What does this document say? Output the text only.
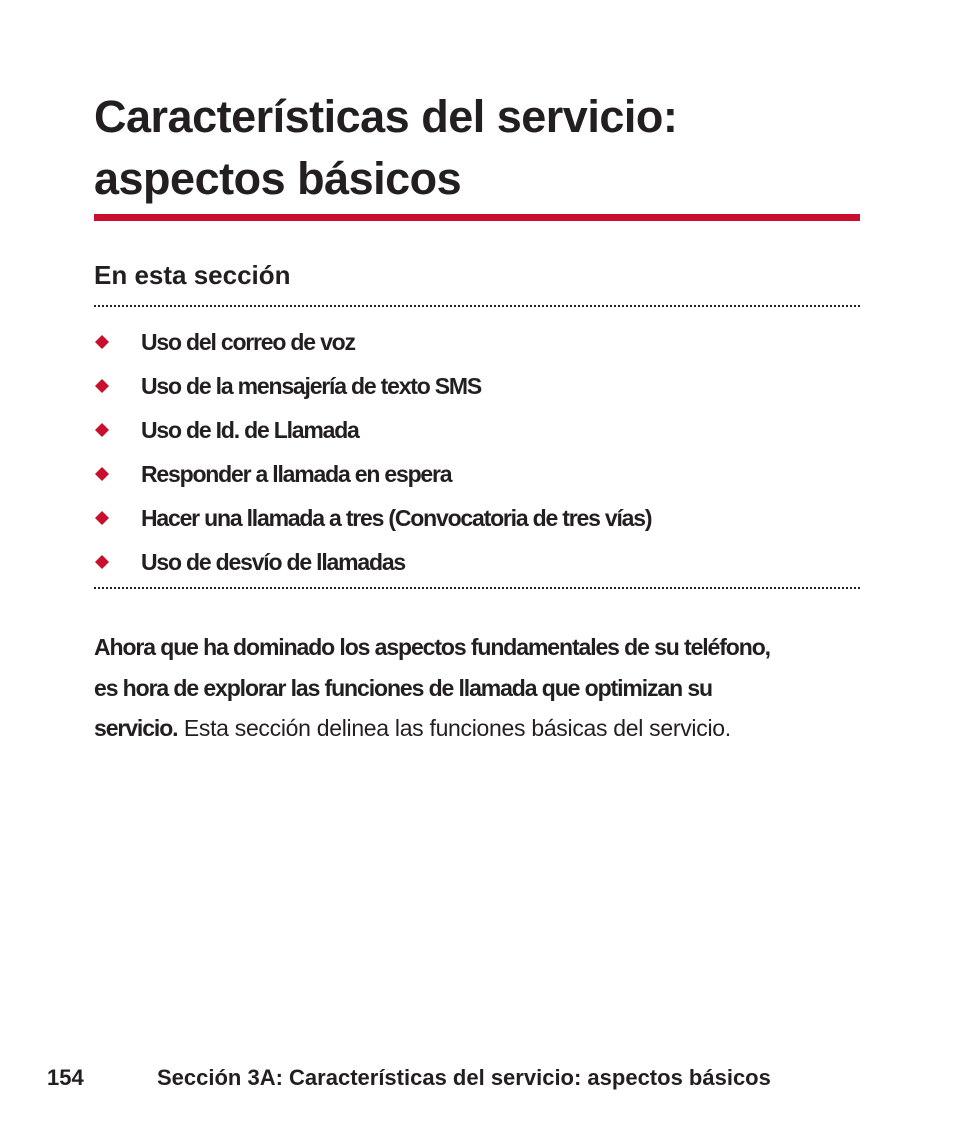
Características del servicio: aspectos básicos
En esta sección
Uso del correo de voz
Uso de la mensajería de texto SMS
Uso de Id. de Llamada
Responder a llamada en espera
Hacer una llamada a tres (Convocatoria de tres vías)
Uso de desvío de llamadas

Ahora que ha dominado los aspectos fundamentales de su teléfono, es hora de explorar las funciones de llamada que optimizan su servicio. Esta sección delinea las funciones básicas del servicio.

154	Sección 3A: Características del servicio: aspectos básicos
